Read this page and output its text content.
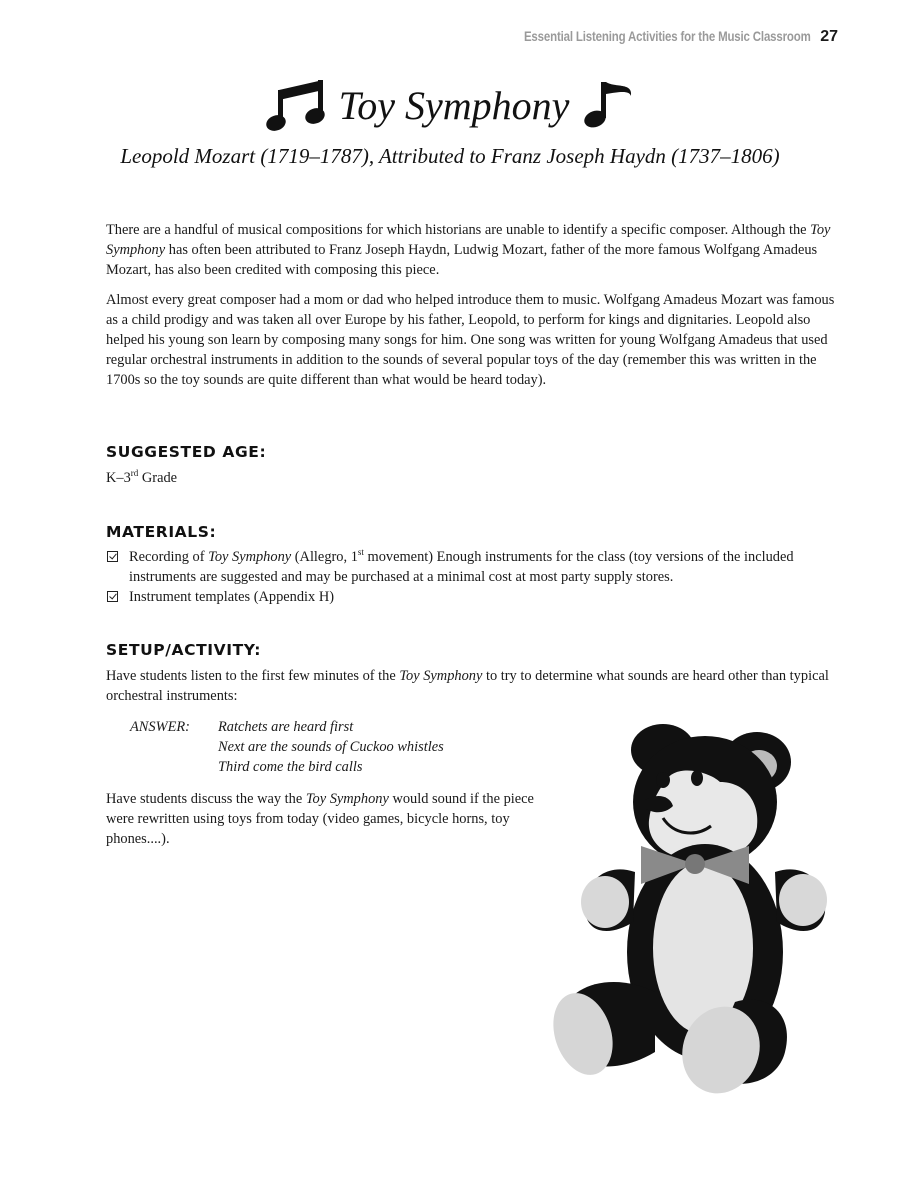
Essential Listening Activities for the Music Classroom 27
Toy Symphony
Leopold Mozart (1719–1787), Attributed to Franz Joseph Haydn (1737–1806)

There are a handful of musical compositions for which historians are unable to identify a specific composer. Although the Toy Symphony has often been attributed to Franz Joseph Haydn, Ludwig Mozart, father of the more famous Wolfgang Amadeus Mozart, has also been credited with composing this piece.

Almost every great composer had a mom or dad who helped introduce them to music. Wolfgang Amadeus Mozart was famous as a child prodigy and was taken all over Europe by his father, Leopold, to perform for kings and dignitaries. Leopold also helped his young son learn by composing many songs for him. One song was written for young Wolfgang Amadeus that used regular orchestral instruments in addition to the sounds of several popular toys of the day (remember this was written in the 1700s so the toy sounds are quite different than what would be heard today).

SUGGESTED AGE:

K–3rd Grade

MATERIALS:
Recording of Toy Symphony (Allegro, 1st movement) Enough instruments for the class (toy versions of the included instruments are suggested and may be purchased at a minimal cost at most party supply stores.
Instrument templates (Appendix H)
SETUP/ACTIVITY:

Have students listen to the first few minutes of the Toy Symphony to try to determine what sounds are heard other than typical orchestral instruments:

ANSWER:	Ratchets are heard first
Next are the sounds of Cuckoo whistles
Third come the bird calls
Have students discuss the way the Toy Symphony would sound if the piece were rewritten using toys from today (video games, bicycle horns, toy phones....).
